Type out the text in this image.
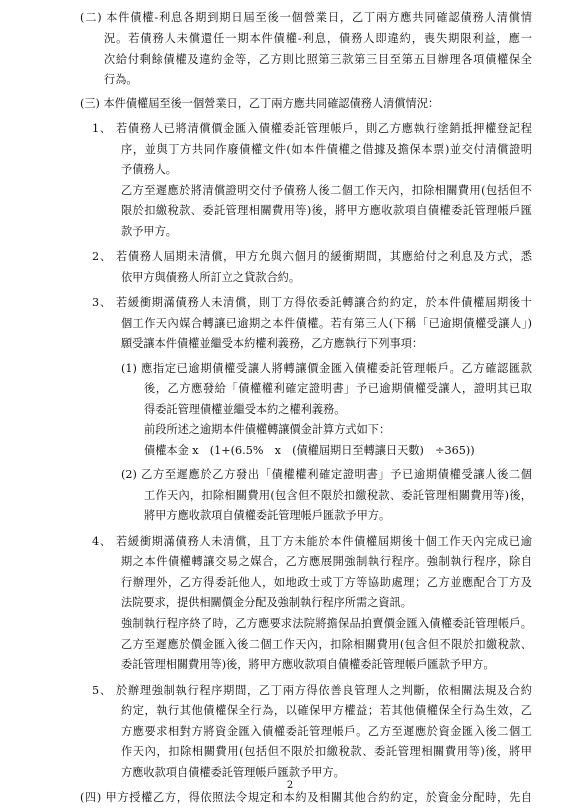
(二) 本件債權-利息各期到期日屆至後一個營業日，乙丁兩方應共同確認債務人清償情
況。若債務人未償還任一期本件債權-利息，債務人即違約，喪失期限利益，應一
次給付剩餘債權及違約金等，乙方則比照第三款第三目至第五目辦理各項債權保全
行為。
(三) 本件債權屆至後一個營業日，乙丁兩方應共同確認債務人清償情況：
1、 若債務人已將清償價金匯入債權委託管理帳戶，則乙方應執行塗銷抵押權登記程
序，並與丁方共同作廢債權文件(如本件債權之借據及擔保本票)並交付清償證明
予債務人。
乙方至遲應於將清償證明交付予債務人後二個工作天內，扣除相關費用(包括但不
限於扣繳稅款、委託管理相關費用等)後，將甲方應收款項自債權委託管理帳戶匯
款予甲方。
2、 若債務人屆期未清償，甲方允與六個月的緩衝期間，其應給付之利息及方式，悉
依甲方與債務人所訂立之貸款合約。
3、 若緩衝期滿債務人未清償，則丁方得依委託轉讓合約約定，於本件債權屆期後十
個工作天內媒合轉讓已逾期之本件債權。若有第三人(下稱「已逾期債權受讓人」)
願受讓本件債權並繼受本約權利義務，乙方應執行下列事項：
(1) 應指定已逾期債權受讓人將轉讓價金匯入債權委託管理帳戶。乙方確認匯款
後，乙方應發給「債權權利確定證明書」予已逾期債權受讓人，證明其已取
得委託管理債權並繼受本約之權利義務。
前段所述之逾期本件債權轉讓價金計算方式如下：
債權本金 x　(1+(6.5%　x　(債權屆期日至轉讓日天數)　÷365))
(2) 乙方至遲應於乙方發出「債權權利確定證明書」予已逾期債權受讓人後二個
工作天內，扣除相關費用(包含但不限於扣繳稅款、委託管理相關費用等)後，
將甲方應收款項自債權委託管理帳戶匯款予甲方。
4、 若緩衝期滿債務人未清償，且丁方未能於本件債權屆期後十個工作天內完成已逾
期之本件債權轉讓交易之媒合，乙方應展開強制執行程序。強制執行程序，除自
行辦理外，乙方得委託他人，如地政士或丁方等協助處理；乙方並應配合丁方及
法院要求，提供相關價金分配及強制執行程序所需之資訊。
強制執行程序終了時，乙方應要求法院將擔保品拍賣價金匯入債權委託管理帳戶。
乙方至遲應於價金匯入後二個工作天內，扣除相關費用(包含但不限於扣繳稅款、
委託管理相關費用等)後，將甲方應收款項自債權委託管理帳戶匯款予甲方。
5、 於辦理強制執行程序期間，乙丁兩方得依善良管理人之判斷，依相關法規及合約
約定，執行其他債權保全行為，以確保甲方權益；若其他債權保全行為生效，乙
方應要求相對方將資金匯入債權委託管理帳戶。乙方至遲應於資金匯入後二個工
作天內，扣除相關費用(包括但不限於扣繳稅款、委託管理相關費用等)後，將甲
方應收款項自債權委託管理帳戶匯款予甲方。
(四) 甲方授權乙方，得依照法令規定和本約及相關其他合約約定，於資金分配時，先自
2
